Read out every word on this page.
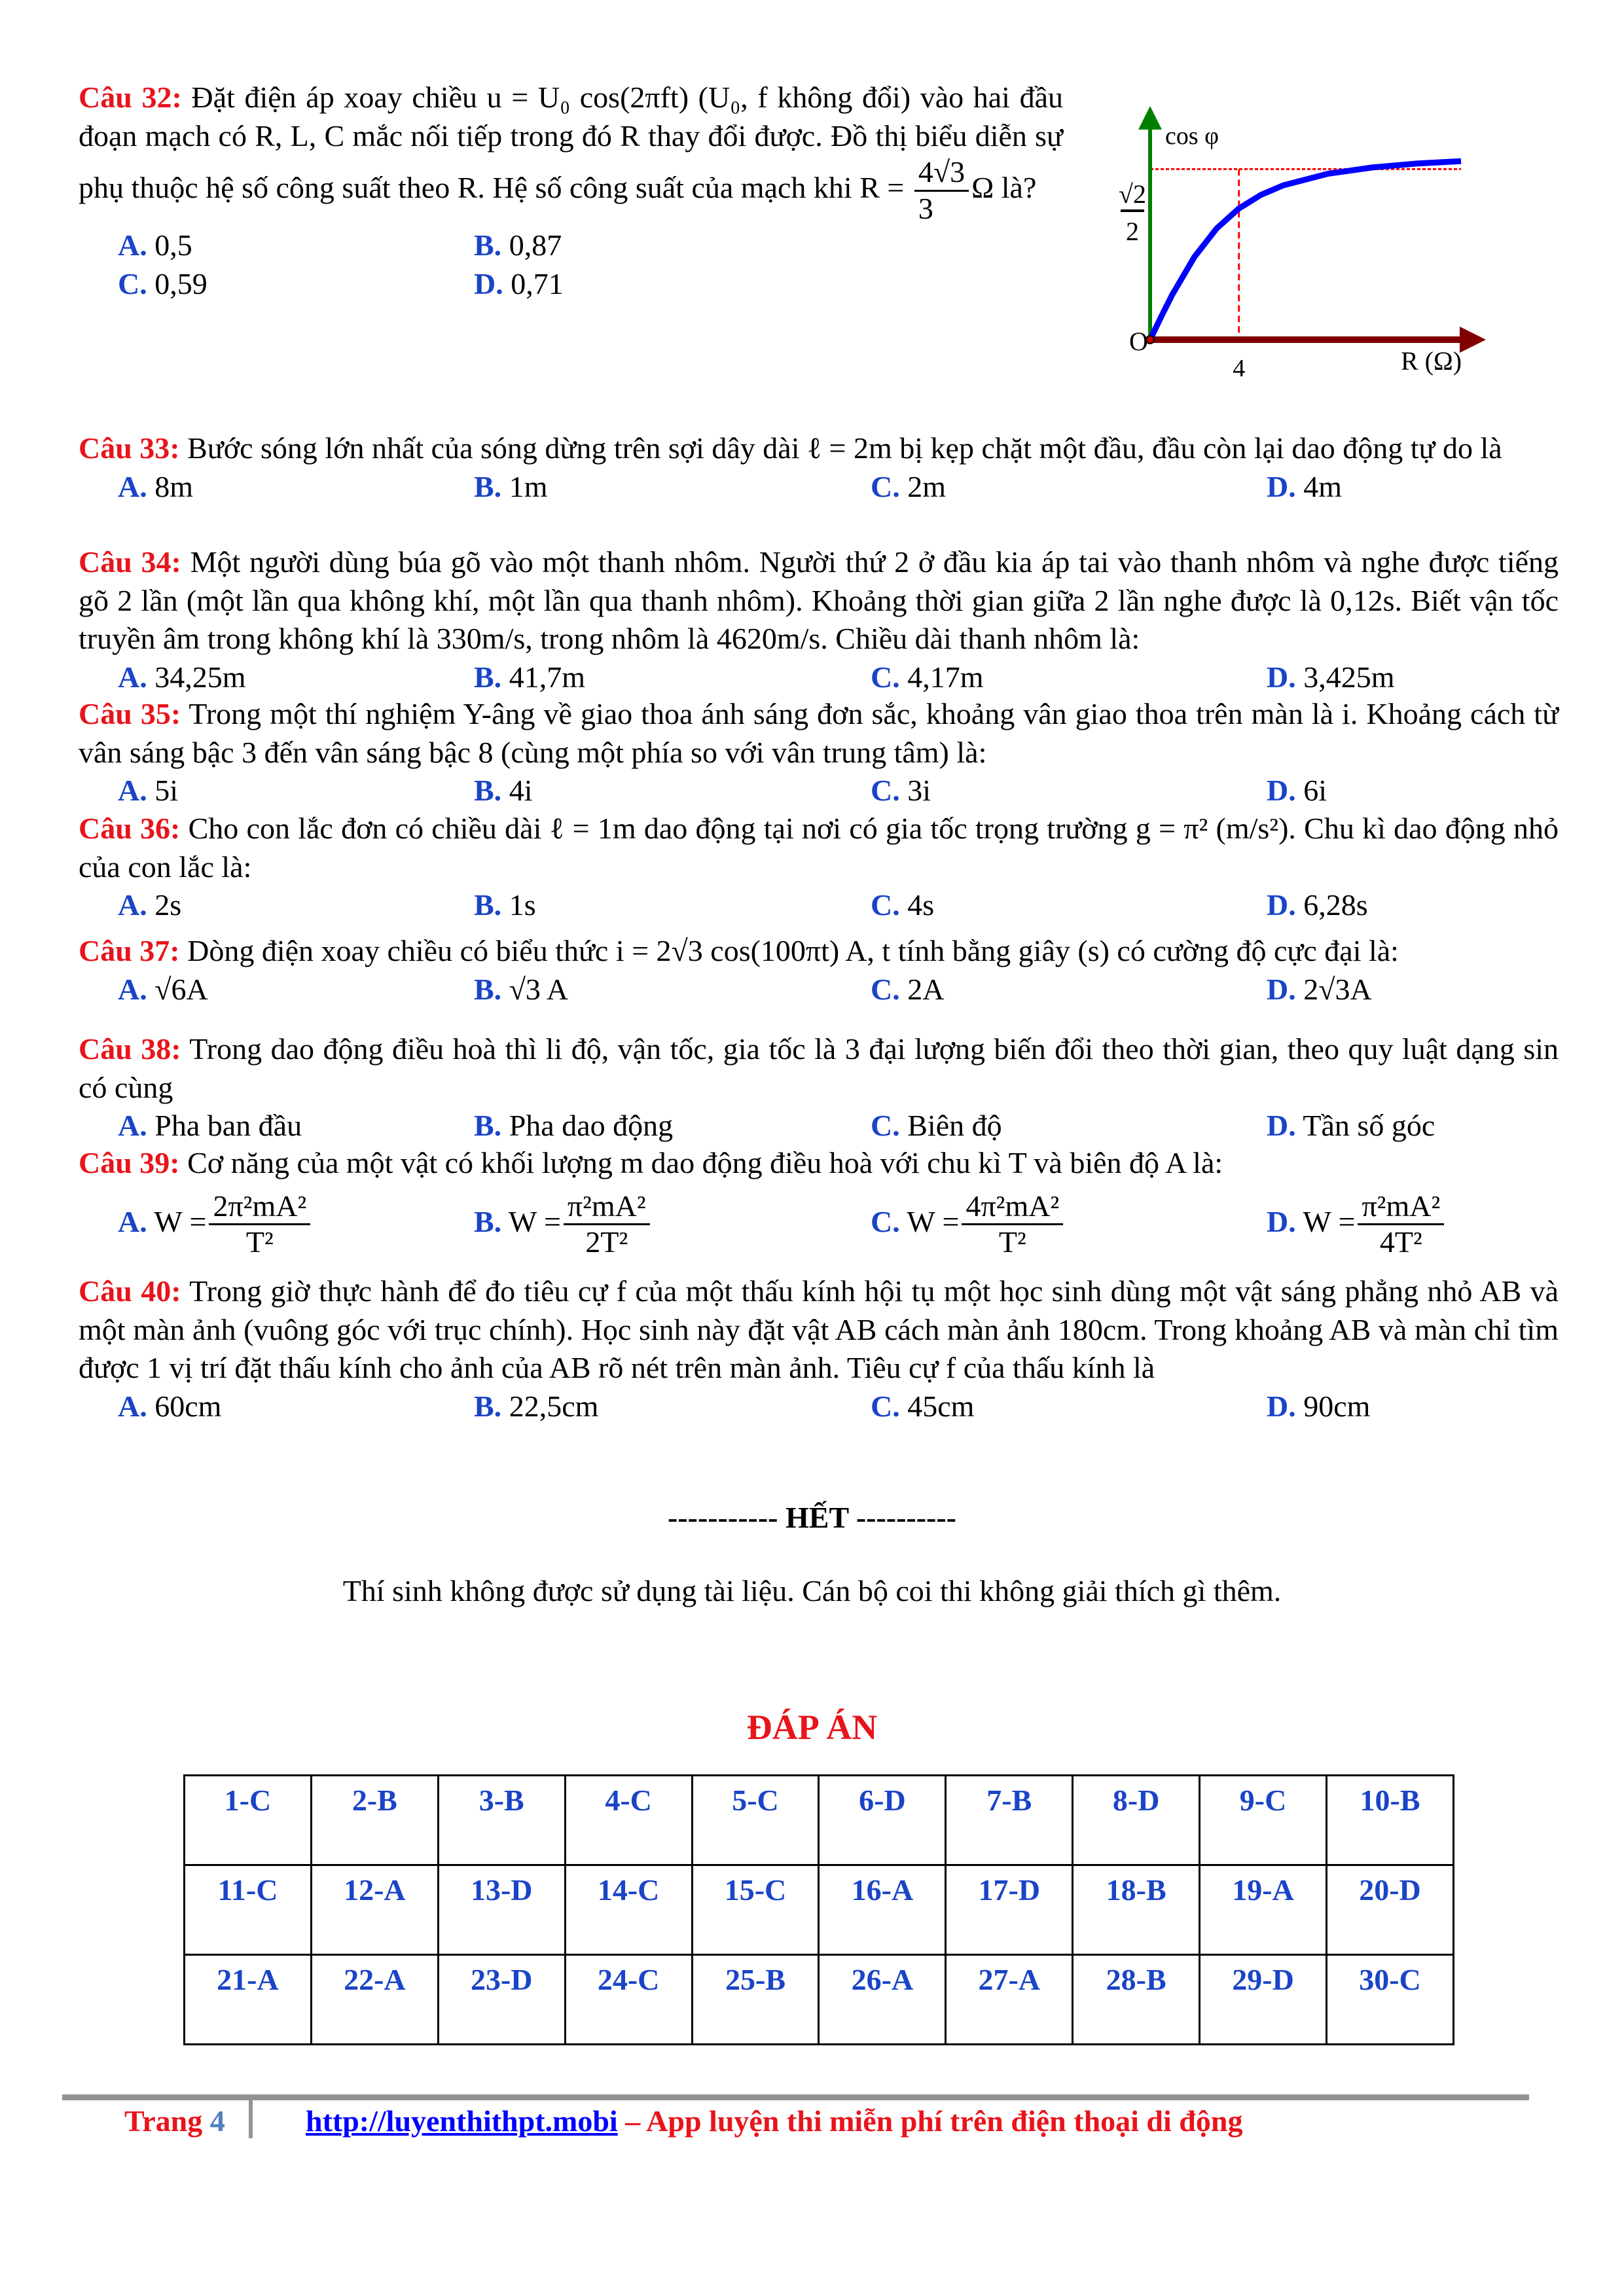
Câu 32: Đặt điện áp xoay chiều u = U₀ cos(2πft) (U₀, f không đổi) vào hai đầu đoạn mạch có R, L, C mắc nối tiếp trong đó R thay đổi được. Đồ thị biểu diễn sự phụ thuộc hệ số công suất theo R. Hệ số công suất của mạch khi $R = \frac{4√3}{3}$ Ω là?
A. 0,5	B. 0,87
C. 0,59	D. 0,71
Câu 33: Bước sóng lớn nhất của sóng dừng trên sợi dây dài ℓ = 2m bị kẹp chặt một đầu, đầu còn lại dao động tự do là
A. 8m	B. 1m	C. 2m	D. 4m
Câu 34: Một người dùng búa gõ vào một thanh nhôm. Người thứ 2 ở đầu kia áp tai vào thanh nhôm và nghe được tiếng gõ 2 lần (một lần qua không khí, một lần qua thanh nhôm). Khoảng thời gian giữa 2 lần nghe được là 0,12s. Biết vận tốc truyền âm trong không khí là 330m/s, trong nhôm là 4620m/s. Chiều dài thanh nhôm là:
A. 34,25m	B. 41,7m	C. 4,17m	D. 3,425m
Câu 35: Trong một thí nghiệm Y-âng về giao thoa ánh sáng đơn sắc, khoảng vân giao thoa trên màn là i. Khoảng cách từ vân sáng bậc 3 đến vân sáng bậc 8 (cùng một phía so với vân trung tâm) là:
A. 5i	B. 4i	C. 3i	D. 6i
Câu 36: Cho con lắc đơn có chiều dài ℓ = 1m dao động tại nơi có gia tốc trọng trường g = π² (m/s²). Chu kì dao động nhỏ của con lắc là:
A. 2s	B. 1s	C. 4s	D. 6,28s
Câu 37: Dòng điện xoay chiều có biểu thức i = 2√3 cos(100πt) A, t tính bằng giây (s) có cường độ cực đại là:
A. √6A	B. √3 A	C. 2A	D. 2√3A
Câu 38: Trong dao động điều hoà thì li độ, vận tốc, gia tốc là 3 đại lượng biến đổi theo thời gian, theo quy luật dạng sin có cùng
A. Pha ban đầu	B. Pha dao động	C. Biên độ	D. Tần số góc
Câu 39: Cơ năng của một vật có khối lượng m dao động điều hoà với chu kì T và biên độ A là:
A. $W = \frac{\text{2π²mA²}}{\text{T²}}$	B. $W = \frac{\text{π²mA²}}{\text{2T²}}$	C. $W = \frac{\text{4π²mA²}}{\text{T²}}$	D. $W = \frac{\text{π²mA²}}{\text{4T²}}$
Câu 40: Trong giờ thực hành để đo tiêu cự f của một thấu kính hội tụ một học sinh dùng một vật sáng phẳng nhỏ AB và một màn ảnh (vuông góc với trục chính). Học sinh này đặt vật AB cách màn ảnh 180cm. Trong khoảng AB và màn chỉ tìm được 1 vị trí đặt thấu kính cho ảnh của AB rõ nét trên màn ảnh. Tiêu cự f của thấu kính là
A. 60cm	B. 22,5cm	C. 45cm	D. 90cm
cos φ
√2
2
O
4	R (Ω)
----------- HẾT ----------
Thí sinh không được sử dụng tài liệu. Cán bộ coi thi không giải thích gì thêm.
ĐÁP ÁN
1-C	2-B	3-B	4-C	5-C	6-D	7-B	8-D	9-C	10-B
11-C	12-A	13-D	14-C	15-C	16-A	17-D	18-B	19-A	20-D
21-A	22-A	23-D	24-C	25-B	26-A	27-A	28-B	29-D	30-C
Trang 4	http://luyenthithpt.mobi – App luyện thi miễn phí trên điện thoại di động
